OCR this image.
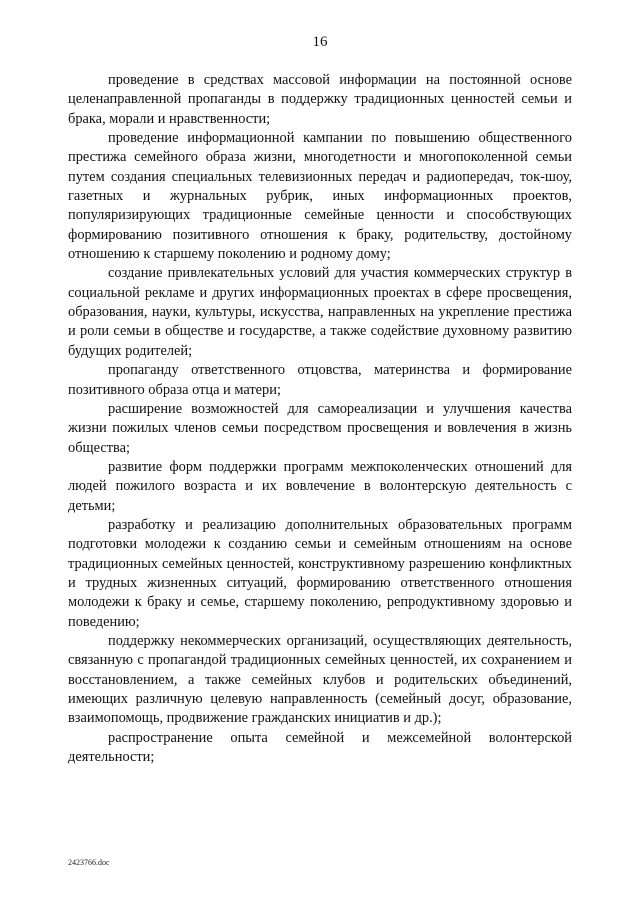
16

проведение в средствах массовой информации на постоянной основе целенаправленной пропаганды в поддержку традиционных ценностей семьи и брака, морали и нравственности;

проведение информационной кампании по повышению общественного престижа семейного образа жизни, многодетности и многопоколенной семьи путем создания специальных телевизионных передач и радиопередач, ток-шоу, газетных и журнальных рубрик, иных информационных проектов, популяризирующих традиционные семейные ценности и способствующих формированию позитивного отношения к браку, родительству, достойному отношению к старшему поколению и родному дому;

создание привлекательных условий для участия коммерческих структур в социальной рекламе и других информационных проектах в сфере просвещения, образования, науки, культуры, искусства, направленных на укрепление престижа и роли семьи в обществе и государстве, а также содействие духовному развитию будущих родителей;

пропаганду ответственного отцовства, материнства и формирование позитивного образа отца и матери;

расширение возможностей для самореализации и улучшения качества жизни пожилых членов семьи посредством просвещения и вовлечения в жизнь общества;

развитие форм поддержки программ межпоколенческих отношений для людей пожилого возраста и их вовлечение в волонтерскую деятельность с детьми;

разработку и реализацию дополнительных образовательных программ подготовки молодежи к созданию семьи и семейным отношениям на основе традиционных семейных ценностей, конструктивному разрешению конфликтных и трудных жизненных ситуаций, формированию ответственного отношения молодежи к браку и семье, старшему поколению, репродуктивному здоровью и поведению;

поддержку некоммерческих организаций, осуществляющих деятельность, связанную с пропагандой традиционных семейных ценностей, их сохранением и восстановлением, а также семейных клубов и родительских объединений, имеющих различную целевую направленность (семейный досуг, образование, взаимопомощь, продвижение гражданских инициатив и др.);

распространение опыта семейной и межсемейной волонтерской деятельности;

2423766.doc
